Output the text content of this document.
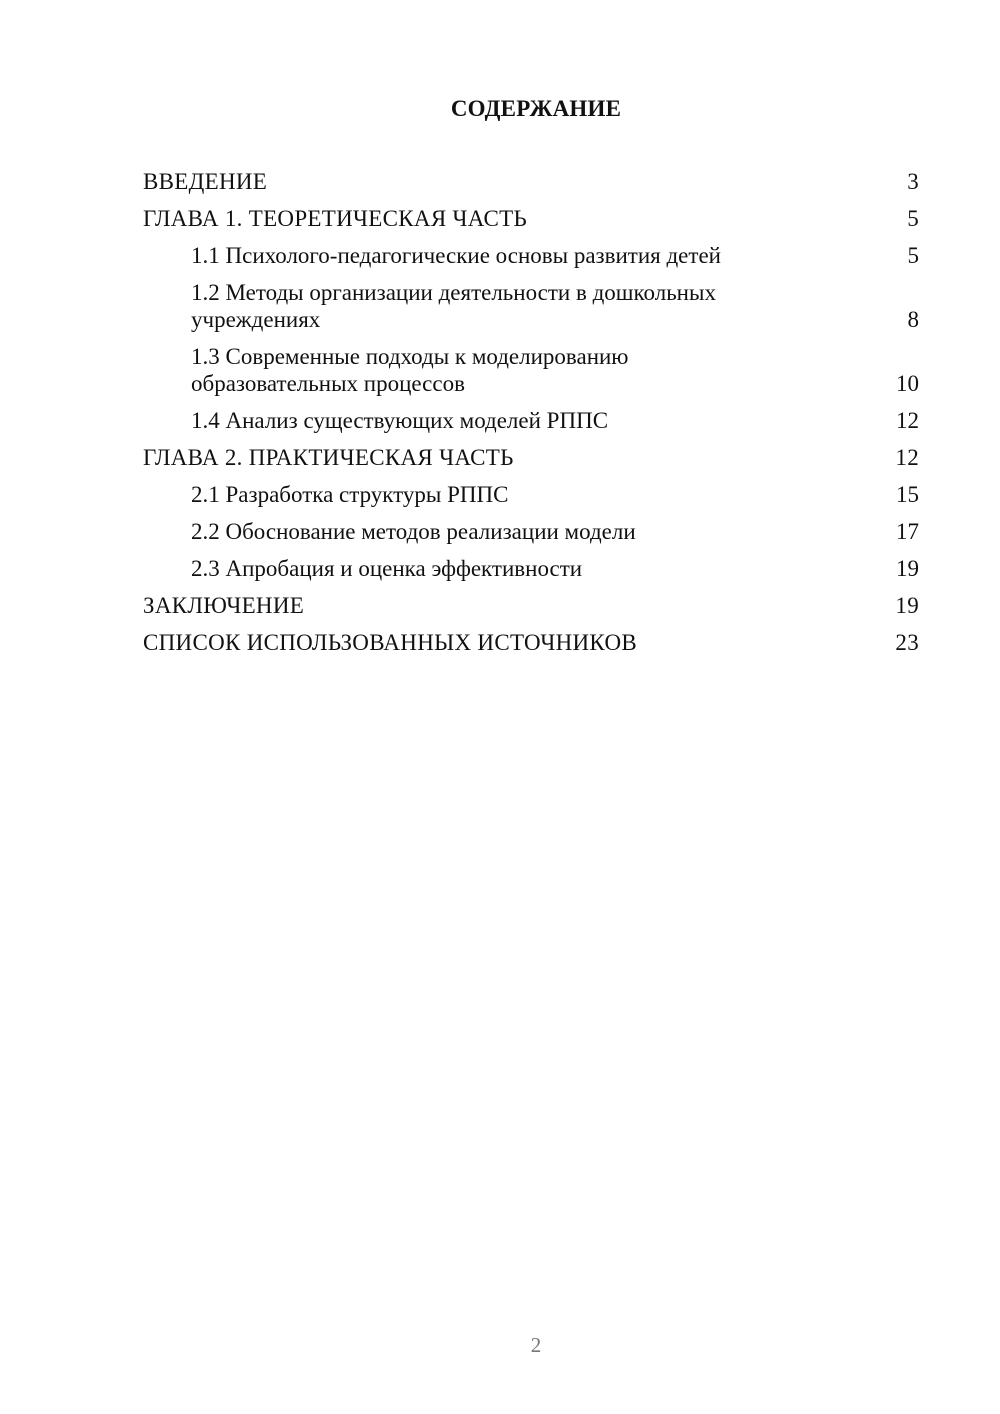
СОДЕРЖАНИЕ
ВВЕДЕНИЕ	3
ГЛАВА 1. ТЕОРЕТИЧЕСКАЯ ЧАСТЬ	5
1.1 Психолого-педагогические основы развития детей	5
1.2 Методы организации деятельности в дошкольных учреждениях	8
1.3 Современные подходы к моделированию образовательных процессов	10
1.4 Анализ существующих моделей РППС	12
ГЛАВА 2. ПРАКТИЧЕСКАЯ ЧАСТЬ	12
2.1 Разработка структуры РППС	15
2.2 Обоснование методов реализации модели	17
2.3 Апробация и оценка эффективности	19
ЗАКЛЮЧЕНИЕ	19
СПИСОК ИСПОЛЬЗОВАННЫХ ИСТОЧНИКОВ	23
2
